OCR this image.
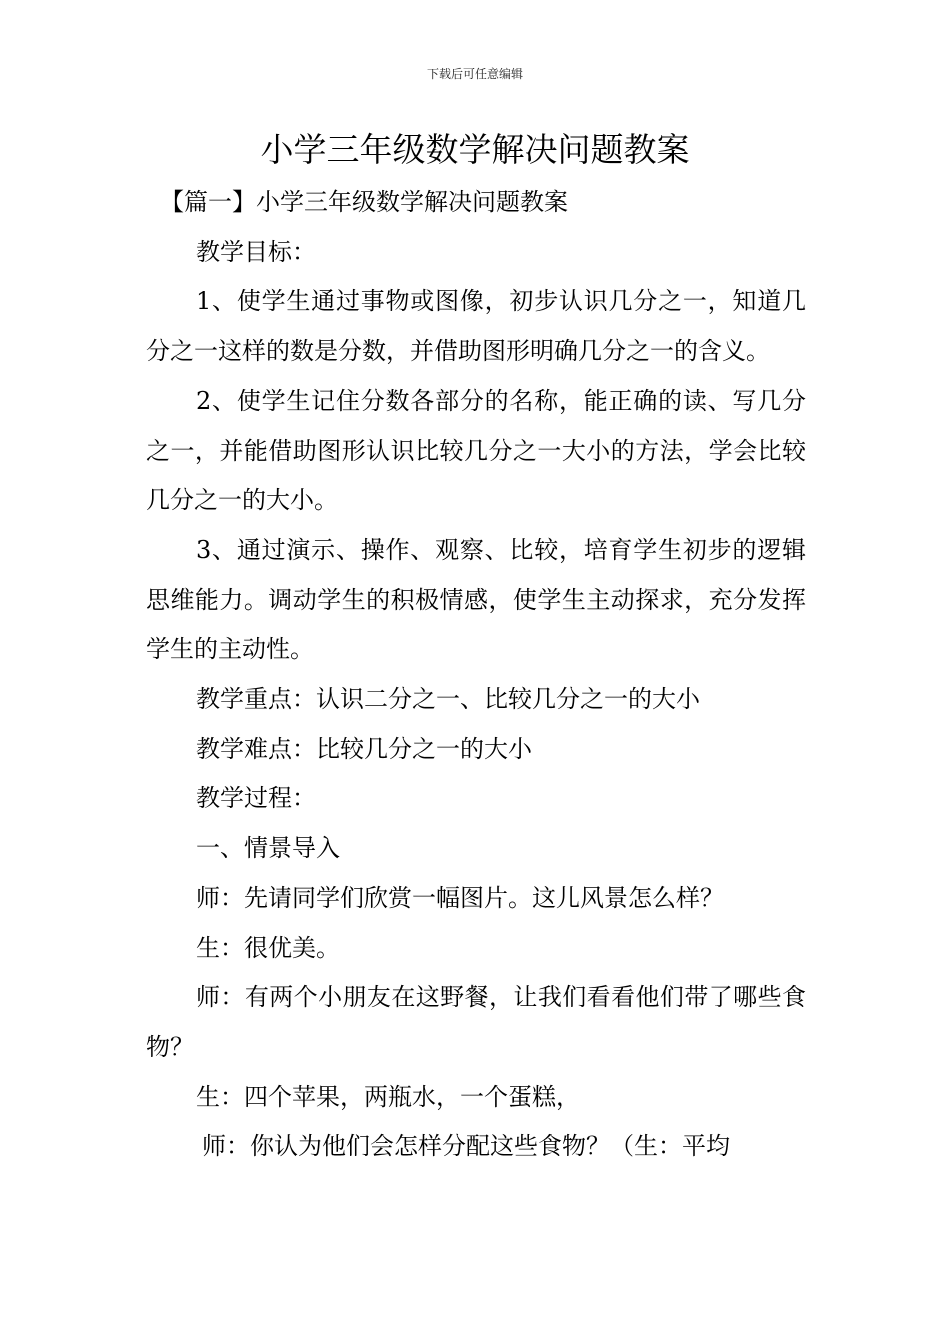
下载后可任意编辑
小学三年级数学解决问题教案

【篇一】小学三年级数学解决问题教案

教学目标：

1、使学生通过事物或图像，初步认识几分之一，知道几分之一这样的数是分数，并借助图形明确几分之一的含义。

2、使学生记住分数各部分的名称，能正确的读、写几分之一，并能借助图形认识比较几分之一大小的方法，学会比较几分之一的大小。

3、通过演示、操作、观察、比较，培育学生初步的逻辑思维能力。调动学生的积极情感，使学生主动探求，充分发挥学生的主动性。

教学重点：认识二分之一、比较几分之一的大小

教学难点：比较几分之一的大小

教学过程：

一、情景导入

师：先请同学们欣赏一幅图片。这儿风景怎么样？

生：很优美。

师：有两个小朋友在这野餐，让我们看看他们带了哪些食物？

生：四个苹果，两瓶水，一个蛋糕，

师：你认为他们会怎样分配这些食物？（生：平均
